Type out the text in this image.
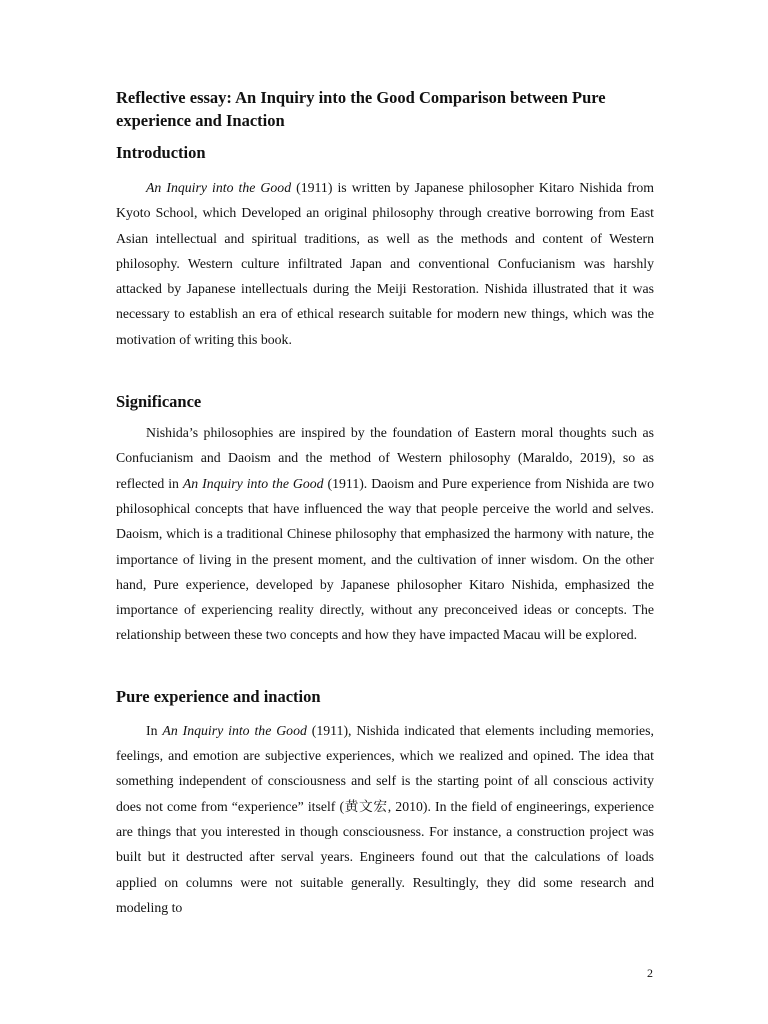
Reflective essay: An Inquiry into the Good Comparison between Pure experience and Inaction
Introduction

An Inquiry into the Good (1911) is written by Japanese philosopher Kitaro Nishida from Kyoto School, which Developed an original philosophy through creative borrowing from East Asian intellectual and spiritual traditions, as well as the methods and content of Western philosophy. Western culture infiltrated Japan and conventional Confucianism was harshly attacked by Japanese intellectuals during the Meiji Restoration. Nishida illustrated that it was necessary to establish an era of ethical research suitable for modern new things, which was the motivation of writing this book.

Significance

Nishida’s philosophies are inspired by the foundation of Eastern moral thoughts such as Confucianism and Daoism and the method of Western philosophy (Maraldo, 2019), so as reflected in An Inquiry into the Good (1911). Daoism and Pure experience from Nishida are two philosophical concepts that have influenced the way that people perceive the world and selves. Daoism, which is a traditional Chinese philosophy that emphasized the harmony with nature, the importance of living in the present moment, and the cultivation of inner wisdom. On the other hand, Pure experience, developed by Japanese philosopher Kitaro Nishida, emphasized the importance of experiencing reality directly, without any preconceived ideas or concepts. The relationship between these two concepts and how they have impacted Macau will be explored.

Pure experience and inaction

In An Inquiry into the Good (1911), Nishida indicated that elements including memories, feelings, and emotion are subjective experiences, which we realized and opined. The idea that something independent of consciousness and self is the starting point of all conscious activity does not come from “experience” itself (黄文宏, 2010). In the field of engineerings, experience are things that you interested in though consciousness. For instance, a construction project was built but it destructed after serval years. Engineers found out that the calculations of loads applied on columns were not suitable generally. Resultingly, they did some research and modeling to

2
